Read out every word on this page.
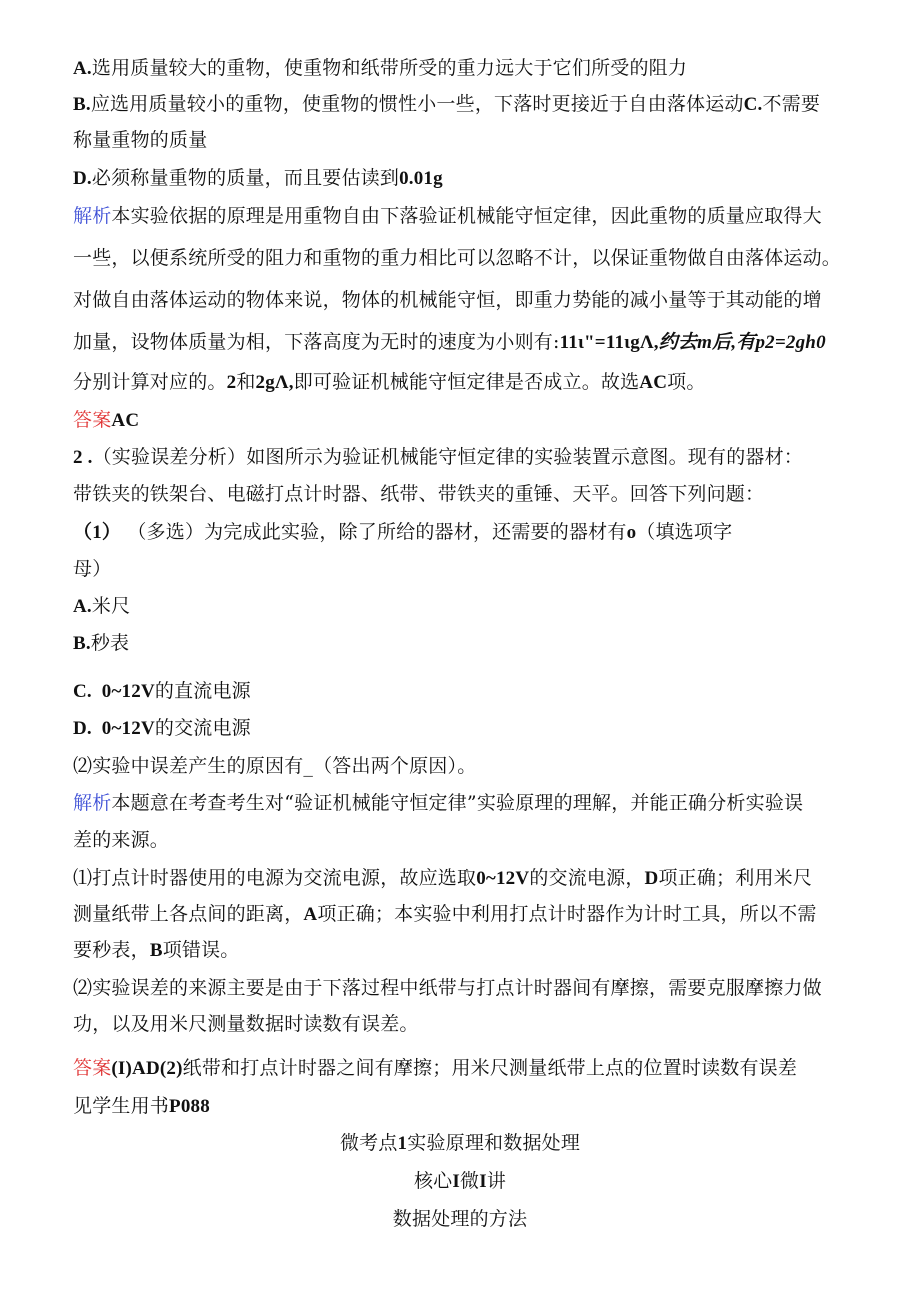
A.选用质量较大的重物，使重物和纸带所受的重力远大于它们所受的阻力
B.应选用质量较小的重物，使重物的惯性小一些，下落时更接近于自由落体运动C.不需要
称量重物的质量
D.必须称量重物的质量，而且要估读到0.01g
解析本实验依据的原理是用重物自由下落验证机械能守恒定律，因此重物的质量应取得大
一些，以便系统所受的阻力和重物的重力相比可以忽略不计，以保证重物做自由落体运动。
对做自由落体运动的物体来说，物体的机械能守恒，即重力势能的减小量等于其动能的增
加量，设物体质量为相，下落高度为无时的速度为小则有:11ι"=11ιgΛ,约去m后,有p2=2gh0
分别计算对应的。2和2gΛ,即可验证机械能守恒定律是否成立。故选AC项。
答案AC
2 .（实验误差分析）如图所示为验证机械能守恒定律的实验装置示意图。现有的器材：
带铁夹的铁架台、电磁打点计时器、纸带、带铁夹的重锤、天平。回答下列问题：
（1） （多选）为完成此实验，除了所给的器材，还需要的器材有o（填选项字
母）
A.米尺
B.秒表
C.  0~12V的直流电源
D.  0~12V的交流电源
⑵实验中误差产生的原因有_（答出两个原因）。
解析本题意在考查考生对“验证机械能守恒定律”实验原理的理解，并能正确分析实验误
差的来源。
⑴打点计时器使用的电源为交流电源，故应选取0~12V的交流电源，D项正确；利用米尺
测量纸带上各点间的距离，A项正确；本实验中利用打点计时器作为计时工具，所以不需
要秒表，B项错误。
⑵实验误差的来源主要是由于下落过程中纸带与打点计时器间有摩擦，需要克服摩擦力做
功，以及用米尺测量数据时读数有误差。
答案(I)AD(2)纸带和打点计时器之间有摩擦；用米尺测量纸带上点的位置时读数有误差
见学生用书P088
微考点1实验原理和数据处理
核心I微I讲
数据处理的方法
